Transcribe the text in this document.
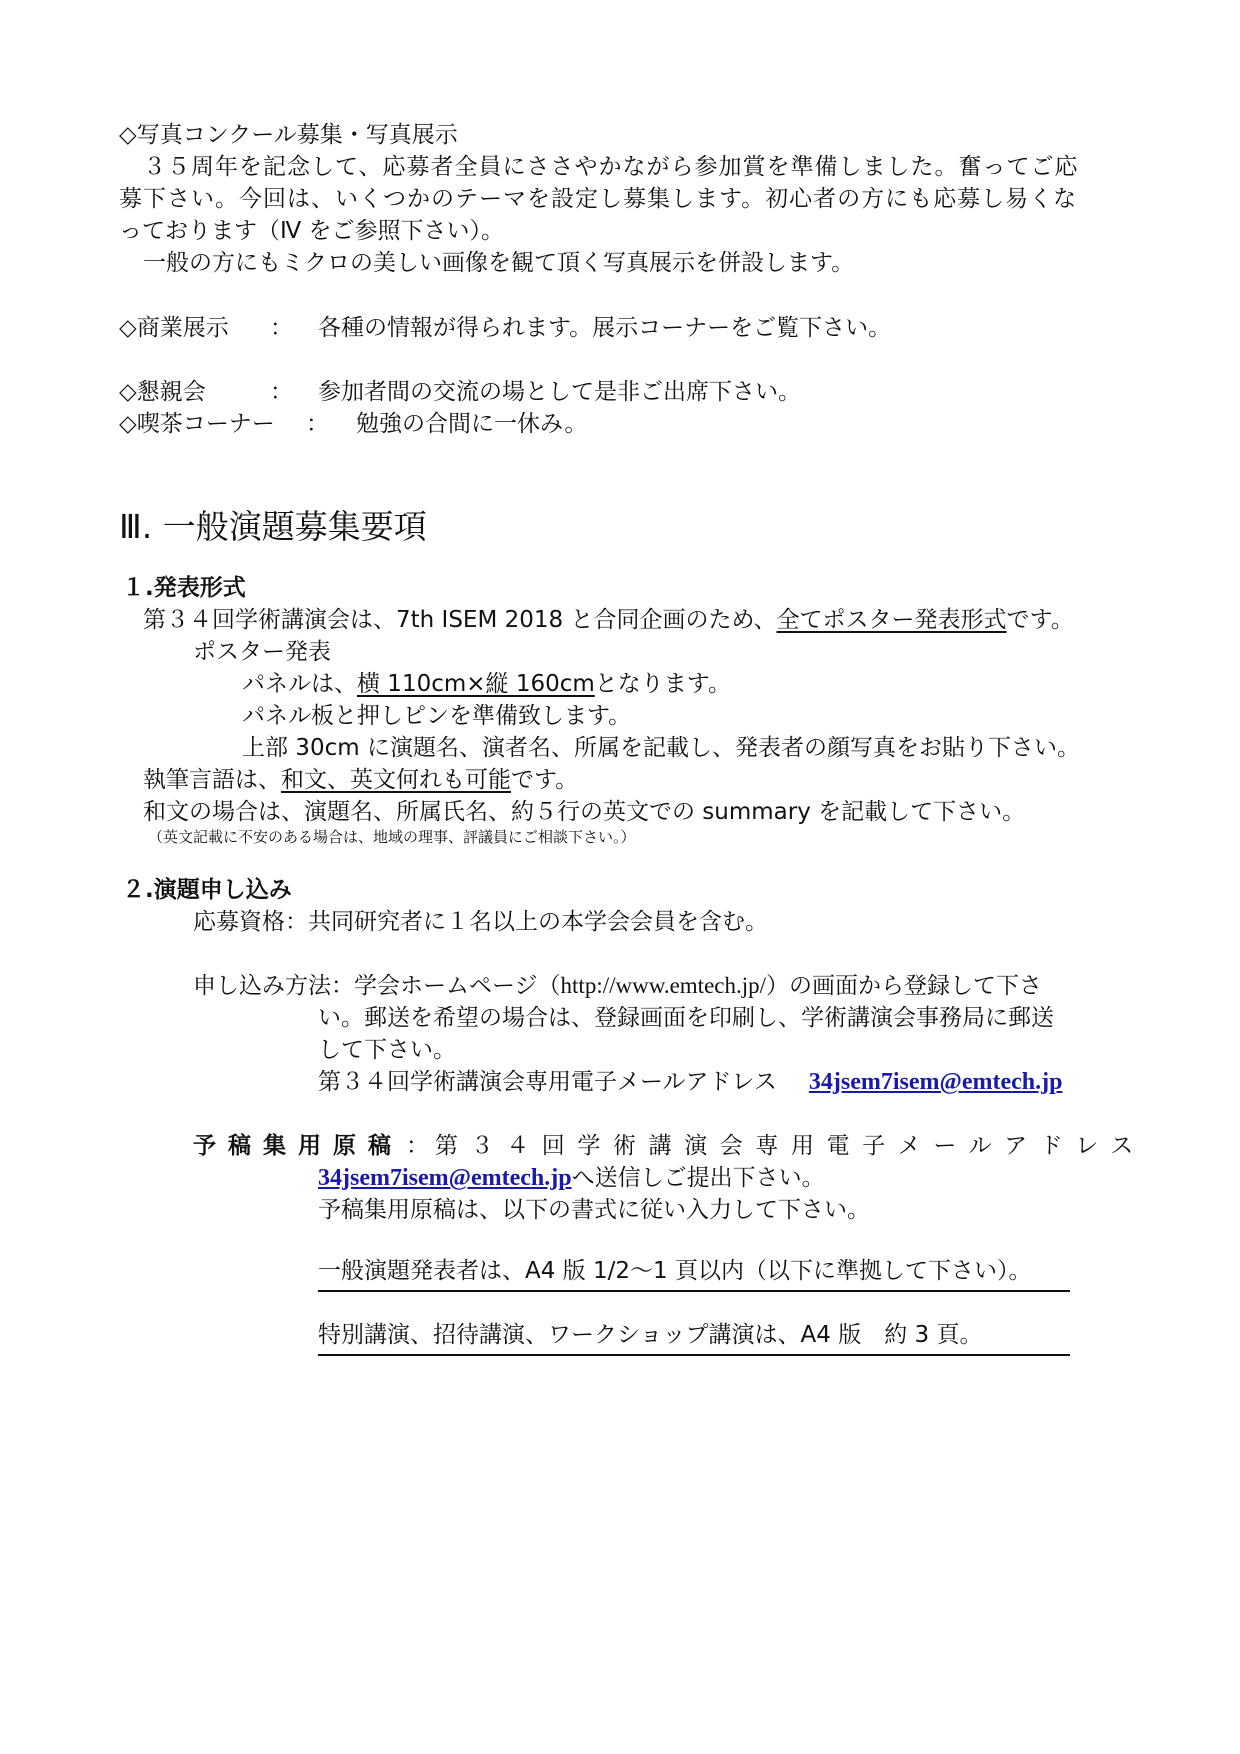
◇写真コンクール募集・写真展示
３５周年を記念して、応募者全員にささやかながら参加賞を準備しました。奮ってご応
募下さい。今回は、いくつかのテーマを設定し募集します。初心者の方にも応募し易くな
っております（Ⅳ をご参照下さい）。
一般の方にもミクロの美しい画像を観て頂く写真展示を併設します。
◇商業展示 ： 各種の情報が得られます。展示コーナーをご覧下さい。
◇懇親会	： 参加者間の交流の場として是非ご出席下さい。
◇喫茶コーナー ： 勉強の合間に一休み。
Ⅲ. 一般演題募集要項
１.発表形式
第３４回学術講演会は、7th ISEM 2018 と合同企画のため、全てポスター発表形式です。
ポスター発表
パネルは、横 110cm×縦 160cmとなります。
パネル板と押しピンを準備致します。
上部 30cm に演題名、演者名、所属を記載し、発表者の顔写真をお貼り下さい。
執筆言語は、和文、英文何れも可能です。
和文の場合は、演題名、所属氏名、約５行の英文での summary を記載して下さい。
（英文記載に不安のある場合は、地域の理事、評議員にご相談下さい。）
２.演題申し込み
応募資格：共同研究者に１名以上の本学会会員を含む。
申し込み方法：学会ホームページ（http://www.emtech.jp/）の画面から登録して下さ
い。郵送を希望の場合は、登録画面を印刷し、学術講演会事務局に郵送
して下さい。
第３４回学術講演会専用電子メールアドレス 34jsem7isem@emtech.jp
予稿集用原稿 ： 第３４回学術講演会専用電子メールアドレス
34jsem7isem@emtech.jpへ送信しご提出下さい。
予稿集用原稿は、以下の書式に従い入力して下さい。
一般演題発表者は、A4 版 1/2～1 頁以内（以下に準拠して下さい）。
特別講演、招待講演、ワークショップ講演は、A4 版　約 3 頁。
